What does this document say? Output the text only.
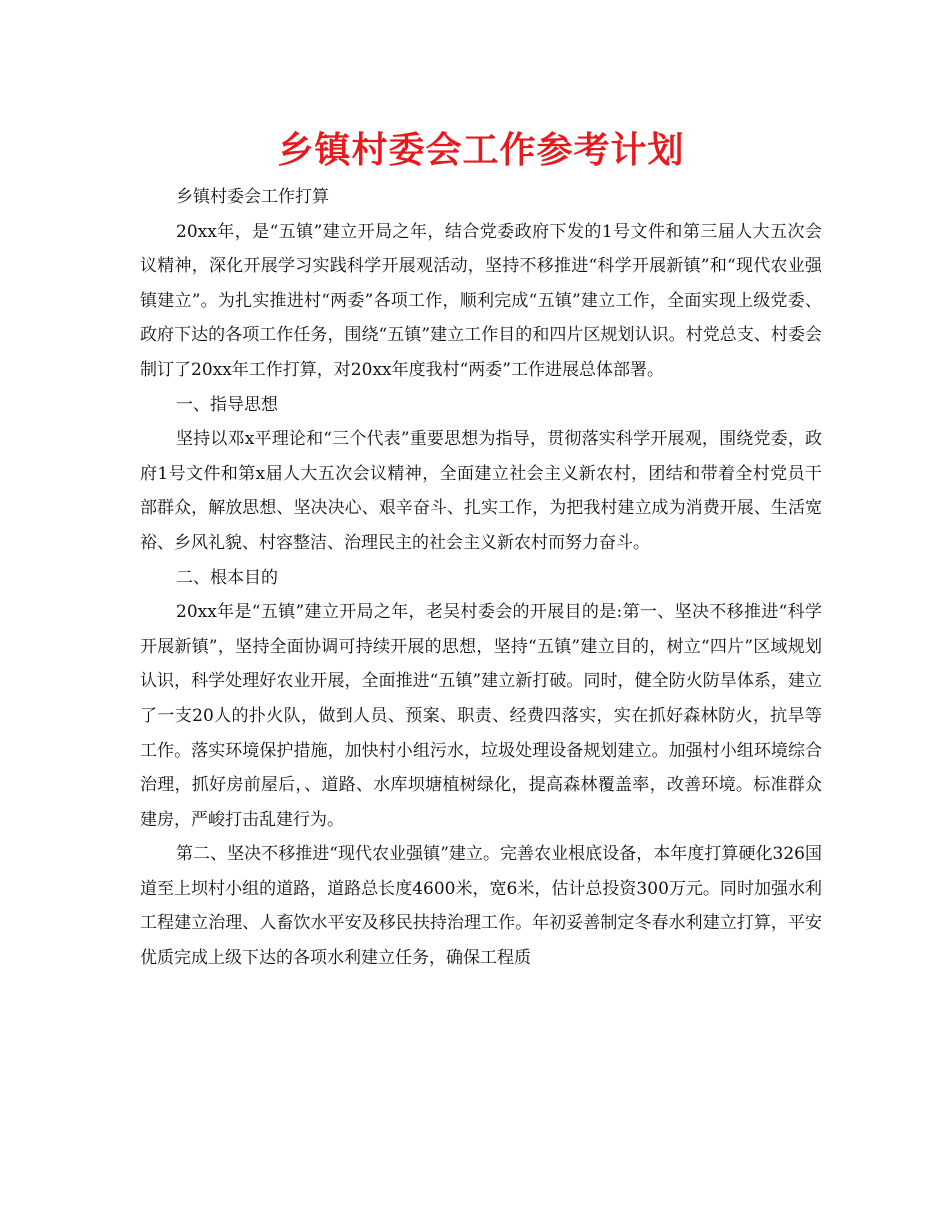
乡镇村委会工作参考计划

乡镇村委会工作打算

20xx年，是“五镇”建立开局之年，结合党委政府下发的1号文件和第三届人大五次会议精神，深化开展学习实践科学开展观活动，坚持不移推进“科学开展新镇”和“现代农业强镇建立”。为扎实推进村“两委”各项工作，顺利完成“五镇”建立工作，全面实现上级党委、政府下达的各项工作任务，围绕“五镇”建立工作目的和四片区规划认识。村党总支、村委会制订了20xx年工作打算，对20xx年度我村“两委”工作进展总体部署。

一、指导思想

坚持以邓x平理论和“三个代表”重要思想为指导，贯彻落实科学开展观，围绕党委，政府1号文件和第x届人大五次会议精神，全面建立社会主义新农村，团结和带着全村党员干部群众，解放思想、坚决决心、艰辛奋斗、扎实工作，为把我村建立成为消费开展、生活宽裕、乡风礼貌、村容整洁、治理民主的社会主义新农村而努力奋斗。

二、根本目的

20xx年是“五镇”建立开局之年，老吴村委会的开展目的是:第一、坚决不移推进“科学开展新镇”，坚持全面协调可持续开展的思想，坚持“五镇”建立目的，树立“四片”区域规划认识，科学处理好农业开展，全面推进“五镇”建立新打破。同时，健全防火防旱体系，建立了一支20人的扑火队，做到人员、预案、职责、经费四落实，实在抓好森林防火，抗旱等工作。落实环境保护措施，加快村小组污水，垃圾处理设备规划建立。加强村小组环境综合治理，抓好房前屋后，、道路、水库坝塘植树绿化，提高森林覆盖率，改善环境。标准群众建房，严峻打击乱建行为。

第二、坚决不移推进“现代农业强镇”建立。完善农业根底设备，本年度打算硬化326国道至上坝村小组的道路，道路总长度4600米，宽6米，估计总投资300万元。同时加强水利工程建立治理、人畜饮水平安及移民扶持治理工作。年初妥善制定冬春水利建立打算，平安优质完成上级下达的各项水利建立任务，确保工程质
